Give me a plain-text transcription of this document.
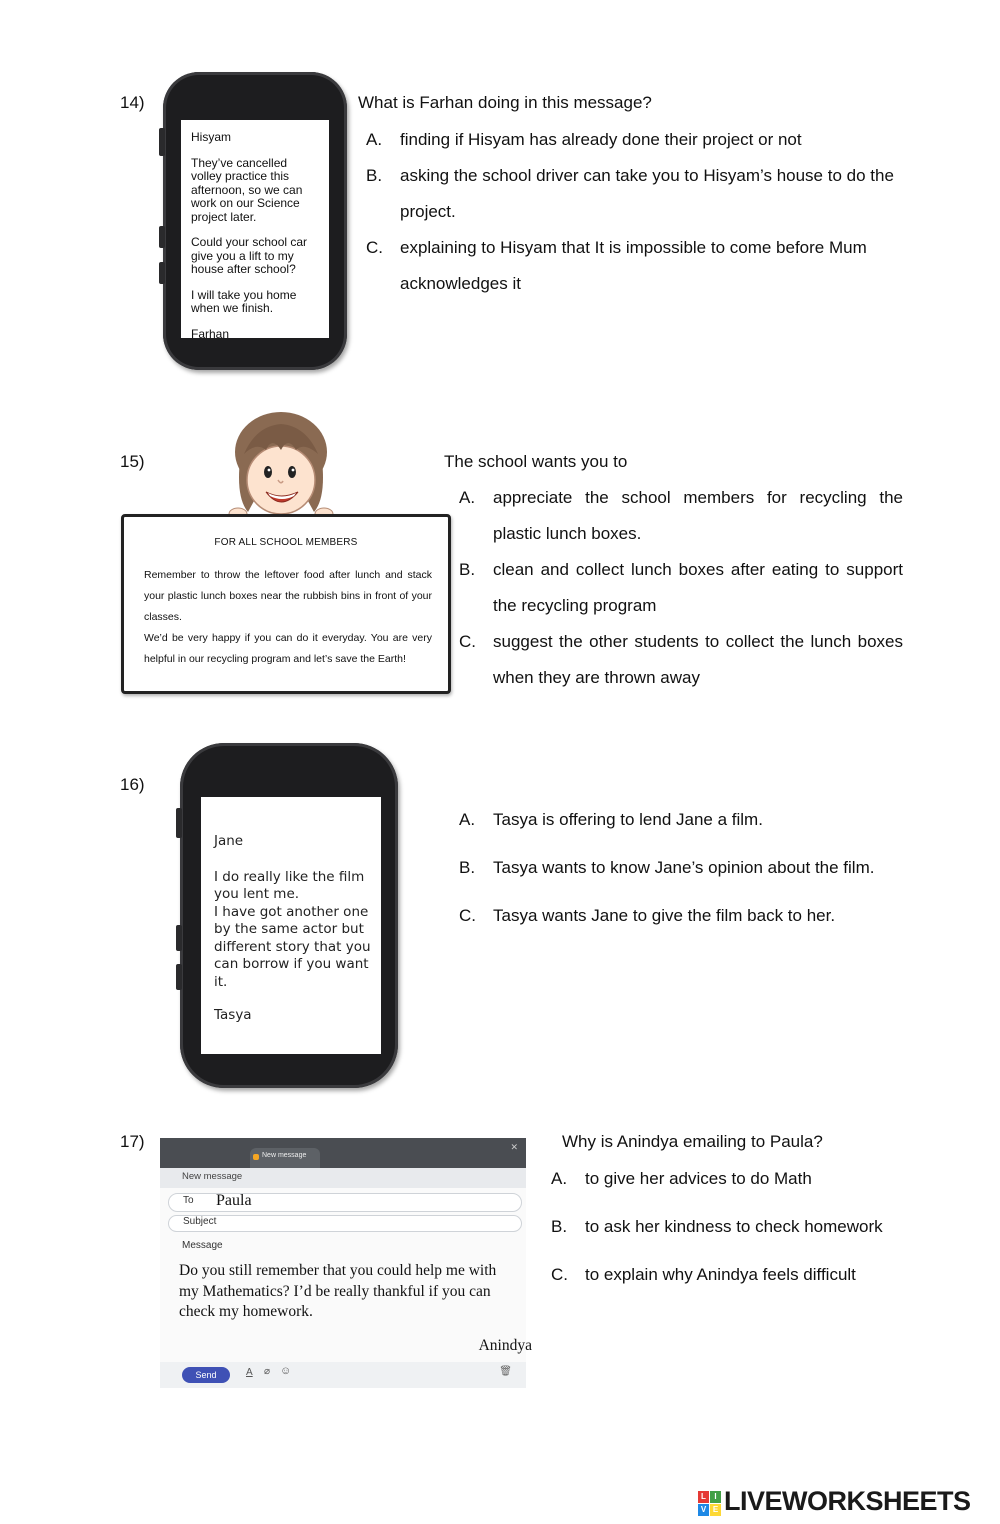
14)

Hisyam

They’ve cancelled volley practice this afternoon, so we can work on our Science project later.

Could your school car give you a lift to my house after school?

I will take you home when we finish.

Farhan

What is Farhan doing in this message?
A. finding if Hisyam has already done their project or not
B. asking the school driver can take you to Hisyam’s house to do the project.
C. explaining to Hisyam that It is impossible to come before Mum acknowledges it
15)
FOR ALL SCHOOL MEMBERS
Remember to throw the leftover food after lunch and stack your plastic lunch boxes near the rubbish bins in front of your classes.
We’d be very happy if you can do it everyday. You are very helpful in our recycling program and let’s save the Earth!
The school wants you to
A. appreciate the school members for recycling the plastic lunch boxes.
B. clean and collect lunch boxes after eating to support the recycling program
C. suggest the other students to collect the lunch boxes when they are thrown away
16)

Jane

I do really like the film you lent me.

I have got another one by the same actor but different story that you can borrow if you want it.

Tasya

A. Tasya is offering to lend Jane a film.
B. Tasya wants to know Jane’s opinion about the film.
C. Tasya wants Jane to give the film back to her.
17)
New message
✕
New message
To Paula
Subject
Message
Do you still remember that you could help me with my Mathematics? I’d be really thankful if you can check my homework.
Anindya
Send	A ⌀ ☺	🗑
Why is Anindya emailing to Paula?
A. to give her advices to do Math
B. to ask her kindness to check homework
C. to explain why Anindya feels difficult
L	I
V E LIVEWORKSHEETS
